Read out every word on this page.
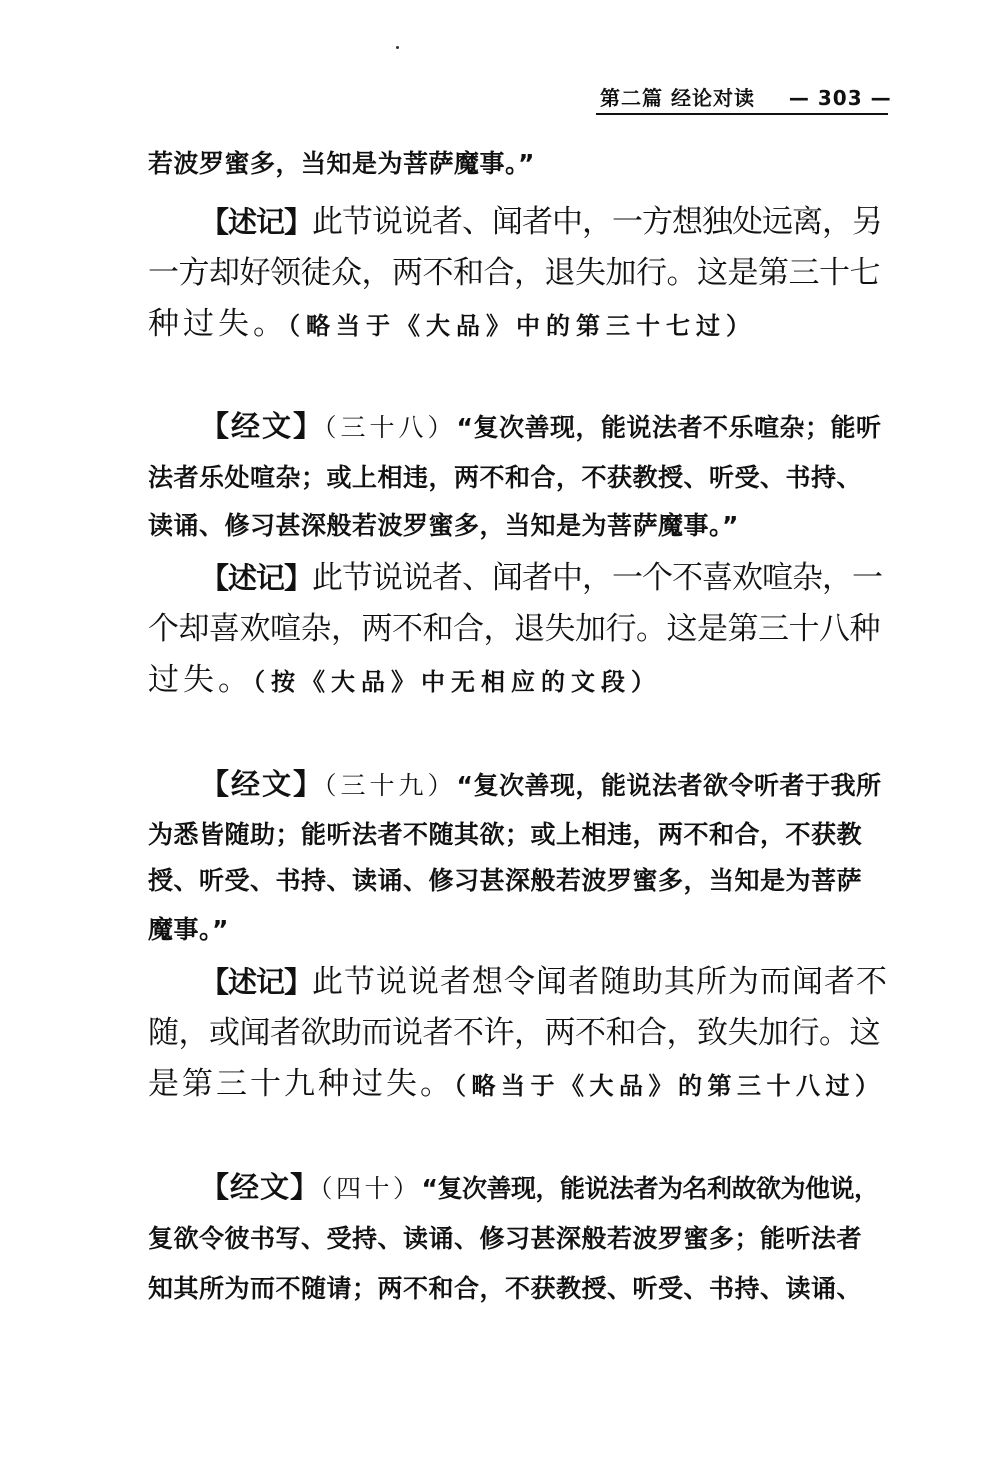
第二篇 经论对读 — 303 —
若波罗蜜多，当知是为菩萨魔事。”
【述记】此节说说者、闻者中，一方想独处远离，另
一方却好领徒众，两不和合，退失加行。这是第三十七
种过失。（略当于《大品》中的第三十七过）
【经文】（三十八）“复次善现，能说法者不乐喧杂；能听
法者乐处喧杂；或上相违，两不和合，不获教授、听受、书持、
读诵、修习甚深般若波罗蜜多，当知是为菩萨魔事。”
【述记】此节说说者、闻者中，一个不喜欢喧杂，一
个却喜欢喧杂，两不和合，退失加行。这是第三十八种
过失。（按《大品》中无相应的文段）
【经文】（三十九）“复次善现，能说法者欲令听者于我所
为悉皆随助；能听法者不随其欲；或上相违，两不和合，不获教
授、听受、书持、读诵、修习甚深般若波罗蜜多，当知是为菩萨
魔事。”
【述记】此节说说者想令闻者随助其所为而闻者不
随，或闻者欲助而说者不许，两不和合，致失加行。这
是第三十九种过失。（略当于《大品》的第三十八过）
【经文】（四十）“复次善现，能说法者为名利故欲为他说，
复欲令彼书写、受持、读诵、修习甚深般若波罗蜜多；能听法者
知其所为而不随请；两不和合，不获教授、听受、书持、读诵、
